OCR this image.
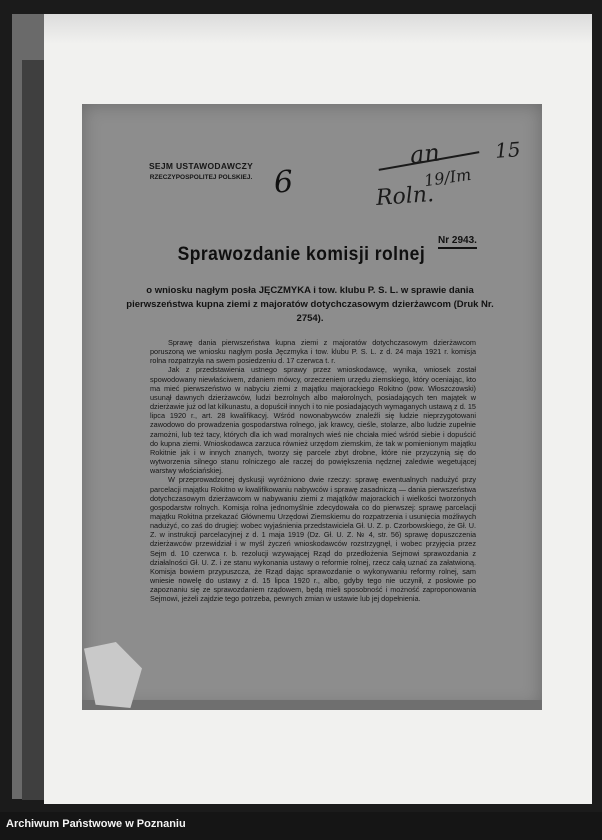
SEJM USTAWODAWCZY
RZECZYPOSPOLITEJ POLSKIEJ. 6
an	15
19/Im
Roln.
Nr 2943.
Sprawozdanie komisji rolnej
o wniosku nagłym posła JĘCZMYKA i tow. klubu P. S. L. w sprawie dania pierwszeństwa kupna ziemi z majoratów dotychczasowym dzierżawcom (Druk Nr. 2754).

Sprawę dania pierwszeństwa kupna ziemi z majoratów dotychczasowym dzierżawcom poruszoną we wniosku nagłym posła Jęczmyka i tow. klubu P. S. L. z d. 24 maja 1921 r. komisja rolna rozpatrzyła na swem posiedzeniu d. 17 czerwca t. r.

Jak z przedstawienia ustnego sprawy przez wnioskodawcę, wynika, wniosek został spowodowany niewłaściwem, zdaniem mówcy, orzeczeniem urzędu ziemskiego, który oceniając, kto ma mieć pierwszeństwo w nabyciu ziemi z majątku majorackiego Rokitno (pow. Włoszczowski) usunął dawnych dzierżawców, ludzi bezrolnych albo małorolnych, posiadających ten majątek w dzierżawie już od lat kilkunastu, a dopuścił innych i to nie posiadających wymaganych ustawą z d. 15 lipca 1920 r., art. 28 kwalifikacyj. Wśród nowonabywców znaleźli się ludzie nieprzygotowani zawodowo do prowadzenia gospodarstwa rolnego, jak krawcy, cieśle, stolarze, albo ludzie zupełnie zamożni, lub też tacy, których dla ich wad moralnych wieś nie chciała mieć wśród siebie i dopuścić do kupna ziemi. Wnioskodawca zarzuca również urzędom ziemskim, że tak w pomienionym majątku Rokitnie jak i w innych znanych, tworzy się parcele zbyt drobne, które nie przyczynią się do wytworzenia silnego stanu rolniczego ale raczej do powiększenia nędznej zaledwie wegetującej warstwy włościańskiej.

W przeprowadzonej dyskusji wyróżniono dwie rzeczy: sprawę ewentualnych nadużyć przy parcelacji majątku Rokitno w kwalifikowaniu nabywców i sprawę zasadniczą — dania pierwszeństwa dotychczasowym dzierżawcom w nabywaniu ziemi z majątków majorackich i wielkości tworzonych gospodarstw rolnych. Komisja rolna jednomyślnie zdecydowała co do pierwszej: sprawę parcelacji majątku Rokitna przekazać Głównemu Urzędowi Ziemskiemu do rozpatrzenia i usunięcia możliwych nadużyć, co zaś do drugiej: wobec wyjaśnienia przedstawiciela Gł. U. Z. p. Czorbowskiego, że Gł. U. Z. w instrukcji parcelacyjnej z d. 1 maja 1919 (Dz. Gł. U. Z. № 4, str. 56) sprawę dopuszczenia dzierżawców przewidział i w myśl życzeń wnioskodawców rozstrzygnęł, i wobec przyjęcia przez Sejm d. 10 czerwca r. b. rezolucji wzywającej Rząd do przedłożenia Sejmowi sprawozdania z działalności Gł. U. Z. i ze stanu wykonania ustawy o reformie rolnej, rzecz całą uznać za załatwioną. Komisja bowiem przypuszcza, że Rząd dając sprawozdanie o wykonywaniu reformy rolnej, sam wniesie nowelę do ustawy z d. 15 lipca 1920 r., albo, gdyby tego nie uczynił, z posłowie po zapoznaniu się ze sprawozdaniem rządowem, będą mieli sposobność i możność zaproponowania Sejmowi, jeżeli zajdzie tego potrzeba, pewnych zmian w ustawie lub jej dopełnienia.

Archiwum Państwowe w Poznaniu
